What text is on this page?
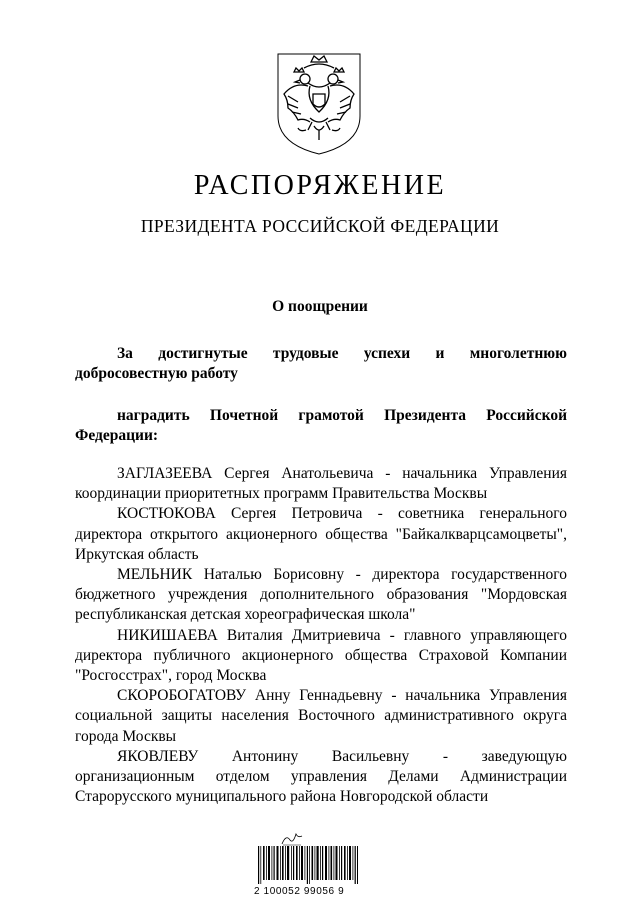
РАСПОРЯЖЕНИЕ
ПРЕЗИДЕНТА РОССИЙСКОЙ ФЕДЕРАЦИИ
О поощрении
За достигнутые трудовые успехи и многолетнюю добросовестную работу
наградить Почетной грамотой Президента Российской Федерации:
ЗАГЛАЗЕЕВА Сергея Анатольевича - начальника Управления координации приоритетных программ Правительства Москвы
КОСТЮКОВА Сергея Петровича - советника генерального директора открытого акционерного общества "Байкалкварцсамоцветы", Иркутская область
МЕЛЬНИК Наталью Борисовну - директора государственного бюджетного учреждения дополнительного образования "Мордовская республиканская детская хореографическая школа"
НИКИШАЕВА Виталия Дмитриевича - главного управляющего директора публичного акционерного общества Страховой Компании "Росгосстрах", город Москва
СКОРОБОГАТОВУ Анну Геннадьевну - начальника Управления социальной защиты населения Восточного административного округа города Москвы
ЯКОВЛЕВУ Антонину Васильевну - заведующую организационным отделом управления Делами Администрации Старорусского муниципального района Новгородской области
2 100052 99056 9
